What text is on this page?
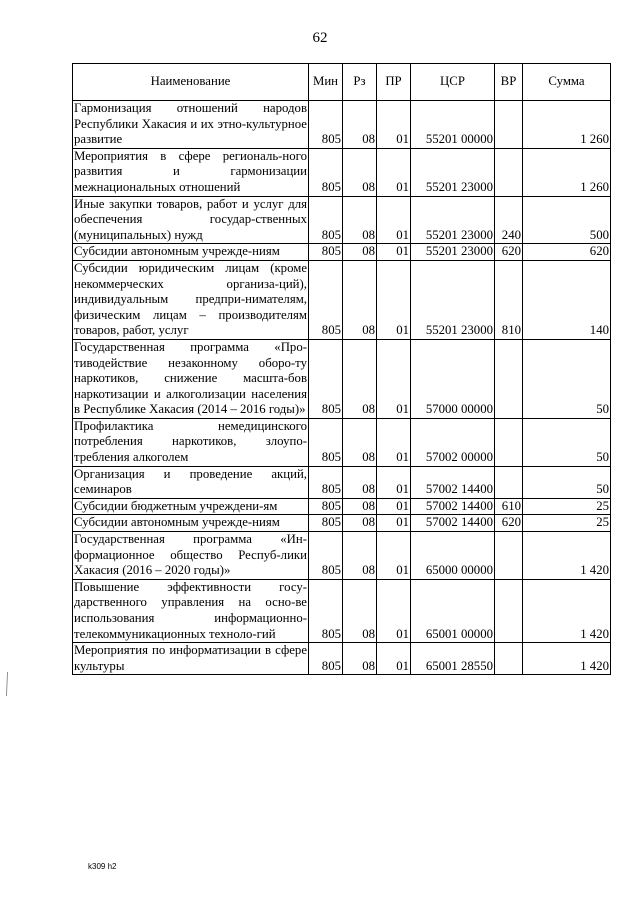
62
Наименование	Мин	Рз	ПР	ЦСР	ВР	Сумма
Гармонизация отношений народов Республики Хакасия и их этно-культурное развитие	805	08	01	55201 00000		1 260
Мероприятия в сфере региональ-ного развития и гармонизации межнациональных отношений	805	08	01	55201 23000		1 260
Иные закупки товаров, работ и услуг для обеспечения государ-ственных (муниципальных) нужд	805	08	01	55201 23000	240	500
Субсидии автономным учрежде-ниям	805	08	01	55201 23000	620	620
Субсидии юридическим лицам (кроме некоммерческих организа-ций), индивидуальным предпри-нимателям, физическим лицам – производителям товаров, работ, услуг	805	08	01	55201 23000	810	140
Государственная программа «Про-тиводействие незаконному оборо-ту наркотиков, снижение масшта-бов наркотизации и алкоголизации населения в Республике Хакасия (2014 – 2016 годы)»	805	08	01	57000 00000		50
Профилактика немедицинского потребления наркотиков, злоупо-требления алкоголем	805	08	01	57002 00000		50
Организация и проведение акций, семинаров	805	08	01	57002 14400		50
Субсидии бюджетным учреждени-ям	805	08	01	57002 14400	610	25
Субсидии автономным учрежде-ниям	805	08	01	57002 14400	620	25
Государственная программа «Ин-формационное общество Респуб-лики Хакасия (2016 – 2020 годы)»	805	08	01	65000 00000		1 420
Повышение эффективности госу-дарственного управления на осно-ве использования информационно-телекоммуникационных техноло-гий	805	08	01	65001 00000		1 420
Мероприятия по информатизации в сфере культуры	805	08	01	65001 28550		1 420
k309 h2
